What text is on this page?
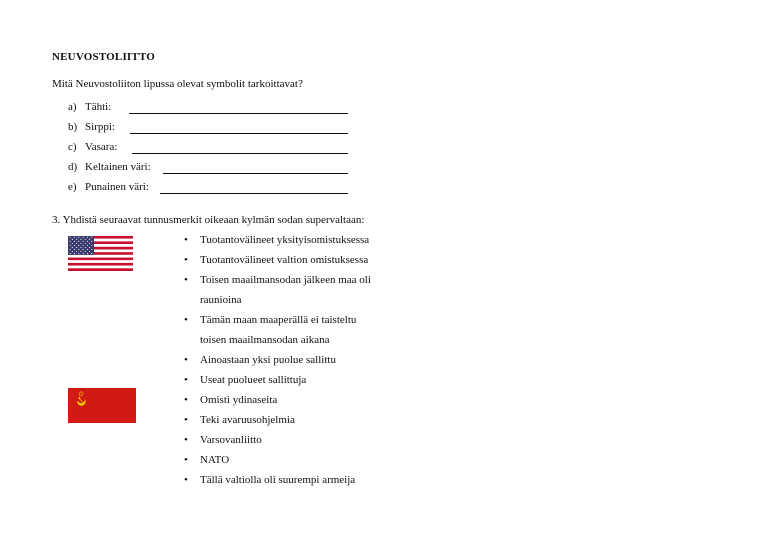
NEUVOSTOLIITTO
Mitä Neuvostoliiton lipussa olevat symbolit tarkoittavat?
a) Tähti:
b) Sirppi:
c) Vasara:
d) Keltainen väri:
e) Punainen väri:
3. Yhdistä seuraavat tunnusmerkit oikeaan kylmän sodan supervaltaan:
• Tuotantovälineet yksityisomistuksessa
• Tuotantovälineet valtion omistuksessa
• Toisen maailmansodan jälkeen maa oli
raunioina
• Tämän maan maaperällä ei taisteltu
toisen maailmansodan aikana
• Ainoastaan yksi puolue sallittu
• Useat puolueet sallittuja
• Omisti ydinaseita
• Teki avaruusohjelmia
• Varsovanliitto
• NATO
• Tällä valtiolla oli suurempi armeija
